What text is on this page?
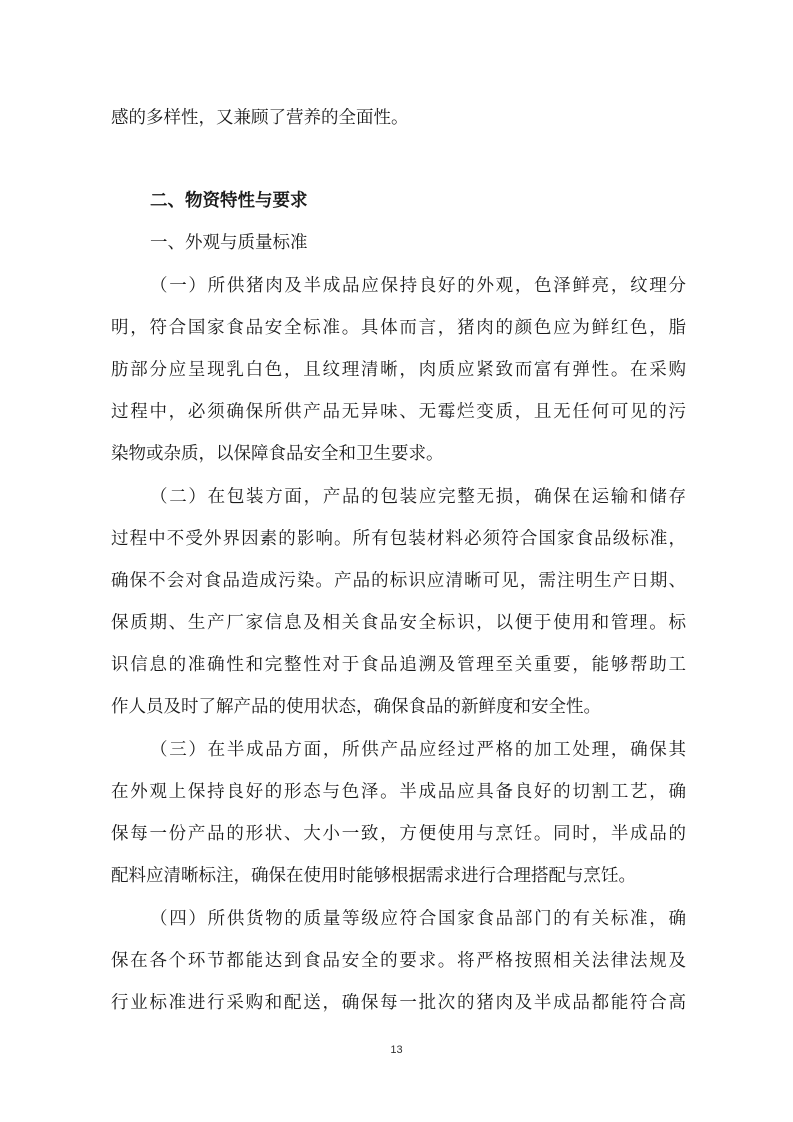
感的多样性，又兼顾了营养的全面性。
二、物资特性与要求
一、外观与质量标准
（一）所供猪肉及半成品应保持良好的外观，色泽鲜亮，纹理分
明，符合国家食品安全标准。具体而言，猪肉的颜色应为鲜红色，脂
肪部分应呈现乳白色，且纹理清晰，肉质应紧致而富有弹性。在采购
过程中，必须确保所供产品无异味、无霉烂变质，且无任何可见的污
染物或杂质，以保障食品安全和卫生要求。
（二）在包装方面，产品的包装应完整无损，确保在运输和储存
过程中不受外界因素的影响。所有包装材料必须符合国家食品级标准，
确保不会对食品造成污染。产品的标识应清晰可见，需注明生产日期、
保质期、生产厂家信息及相关食品安全标识，以便于使用和管理。标
识信息的准确性和完整性对于食品追溯及管理至关重要，能够帮助工
作人员及时了解产品的使用状态，确保食品的新鲜度和安全性。
（三）在半成品方面，所供产品应经过严格的加工处理，确保其
在外观上保持良好的形态与色泽。半成品应具备良好的切割工艺，确
保每一份产品的形状、大小一致，方便使用与烹饪。同时，半成品的
配料应清晰标注，确保在使用时能够根据需求进行合理搭配与烹饪。
（四）所供货物的质量等级应符合国家食品部门的有关标准，确
保在各个环节都能达到食品安全的要求。将严格按照相关法律法规及
行业标准进行采购和配送，确保每一批次的猪肉及半成品都能符合高
13
